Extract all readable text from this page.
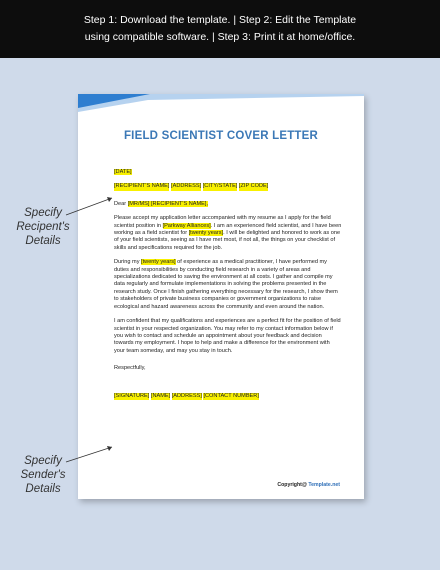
Step 1: Download the template. | Step 2: Edit the Template
using compatible software. | Step 3: Print it at home/office.
FIELD SCIENTIST COVER LETTER
[DATE]
[RECIPIENT'S NAME] [ADDRESS] [CITY/STATE] [ZIP CODE]
Dear [MR/MS] [RECIPIENT'S NAME],

Please accept my application letter accompanied with my resume as I apply for the field scientist position in [Parkway Alliances]. I am an experienced field scientist, and I have been working as a field scientist for [twenty years]. I will be delighted and honored to work as one of your field scientists, seeing as I have met most, if not all, the things on your checklist of skills and specifications required for the job.

During my [twenty years] of experience as a medical practitioner, I have performed my duties and responsibilities by conducting field research in a variety of areas and specializations dedicated to saving the environment at all costs. I gather and compile my data regularly and formulate implementations in solving the problems presented in the research study. Once I finish gathering everything necessary for the research, I show them to stakeholders of private business companies or government organizations to raise ecological and hazard awareness across the community and even around the nation.

I am confident that my qualifications and experiences are a perfect fit for the position of field scientist in your respected organization. You may refer to my contact information below if you wish to contact and schedule an appointment about your feedback and decision towards my employment. I hope to help and make a difference for the environment with your team someday, and may you stay in touch.

Respectfully,

[SIGNATURE] [NAME] [ADDRESS] [CONTACT NUMBER]
Copyright@ Template.net
Specify Recipent's Details
Specify Sender's Details
